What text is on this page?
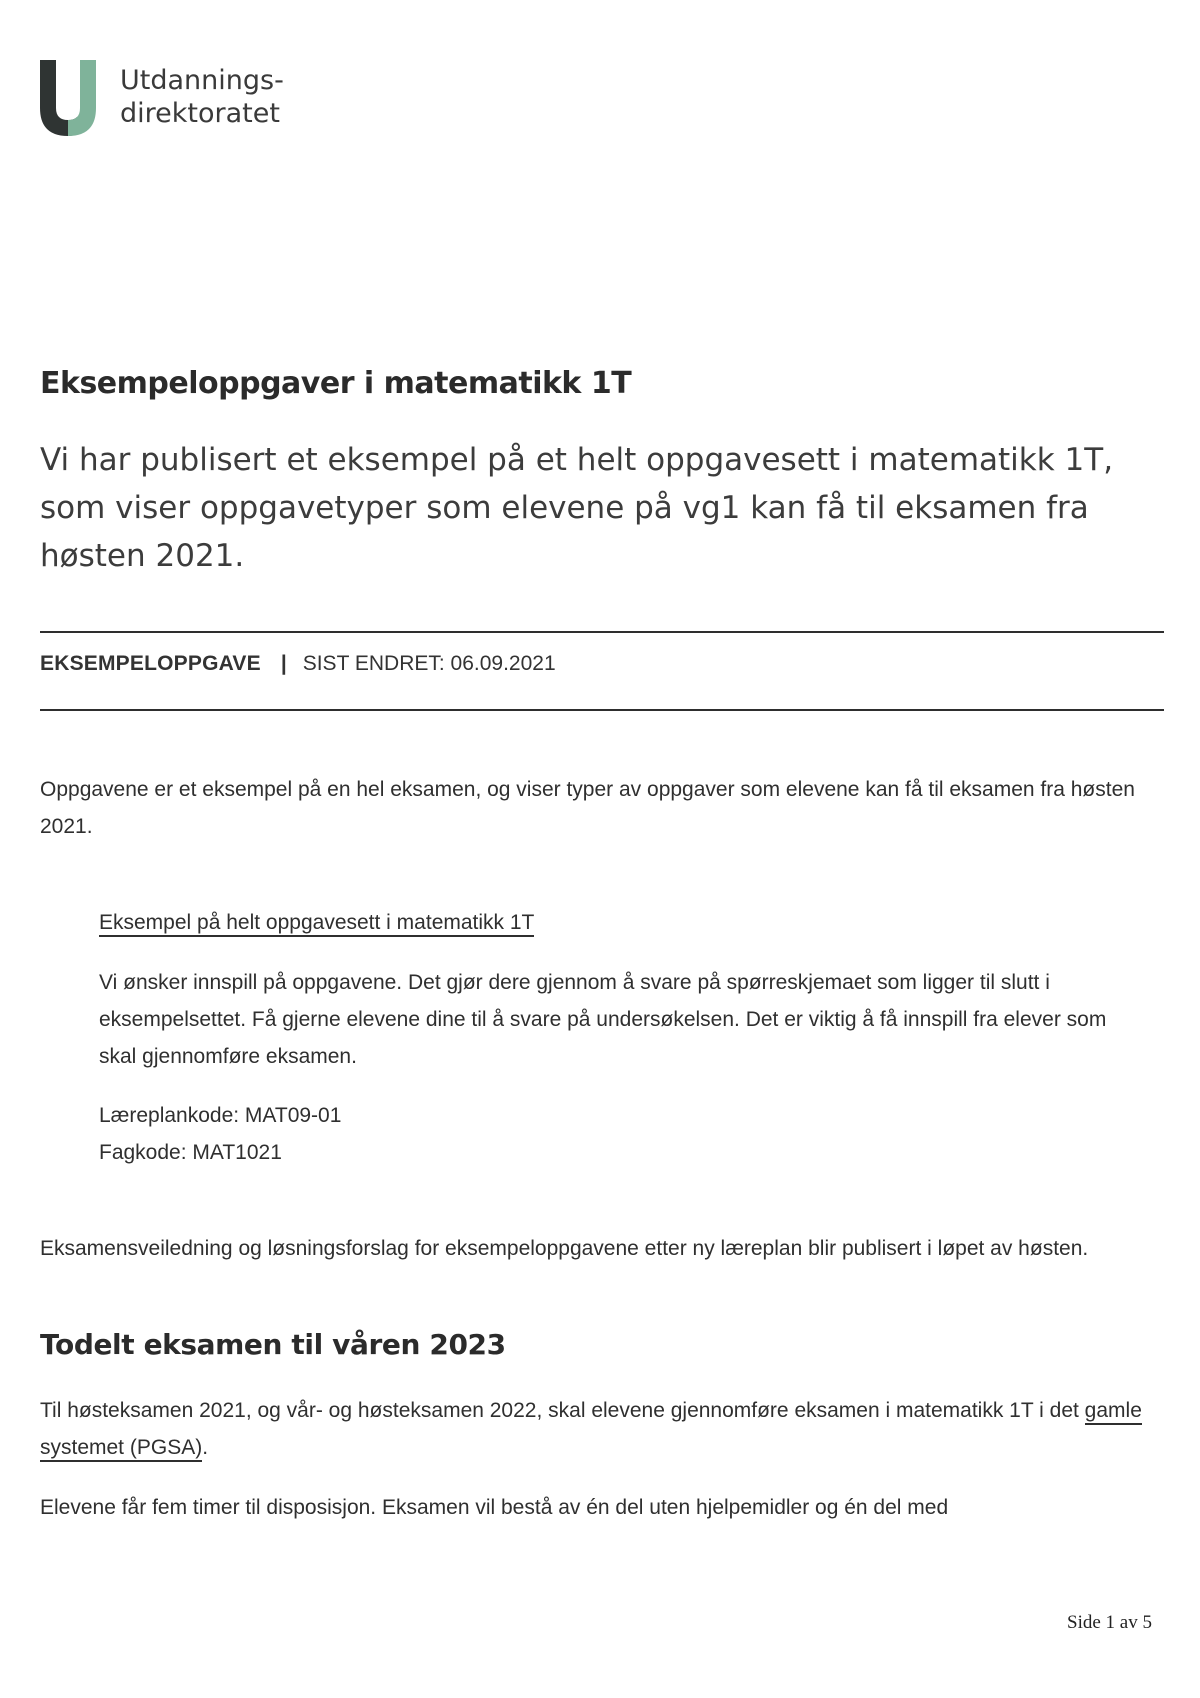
Utdannings-
direktoratet
Eksempeloppgaver i matematikk 1T

Vi har publisert et eksempel på et helt oppgavesett i matematikk 1T, som viser oppgavetyper som elevene på vg1 kan få til eksamen fra høsten 2021.

EKSEMPELOPPGAVE | SIST ENDRET: 06.09.2021

Oppgavene er et eksempel på en hel eksamen, og viser typer av oppgaver som elevene kan få til eksamen fra høsten 2021.

Eksempel på helt oppgavesett i matematikk 1T

Vi ønsker innspill på oppgavene. Det gjør dere gjennom å svare på spørreskjemaet som ligger til slutt i eksempelsettet. Få gjerne elevene dine til å svare på undersøkelsen. Det er viktig å få innspill fra elever som skal gjennomføre eksamen.

Læreplankode: MAT09-01
Fagkode: MAT1021

Eksamensveiledning og løsningsforslag for eksempeloppgavene etter ny læreplan blir publisert i løpet av høsten.

Todelt eksamen til våren 2023

Til høsteksamen 2021, og vår- og høsteksamen 2022, skal elevene gjennomføre eksamen i matematikk 1T i det gamle systemet (PGSA).

Elevene får fem timer til disposisjon. Eksamen vil bestå av én del uten hjelpemidler og én del med

Side 1 av 5
